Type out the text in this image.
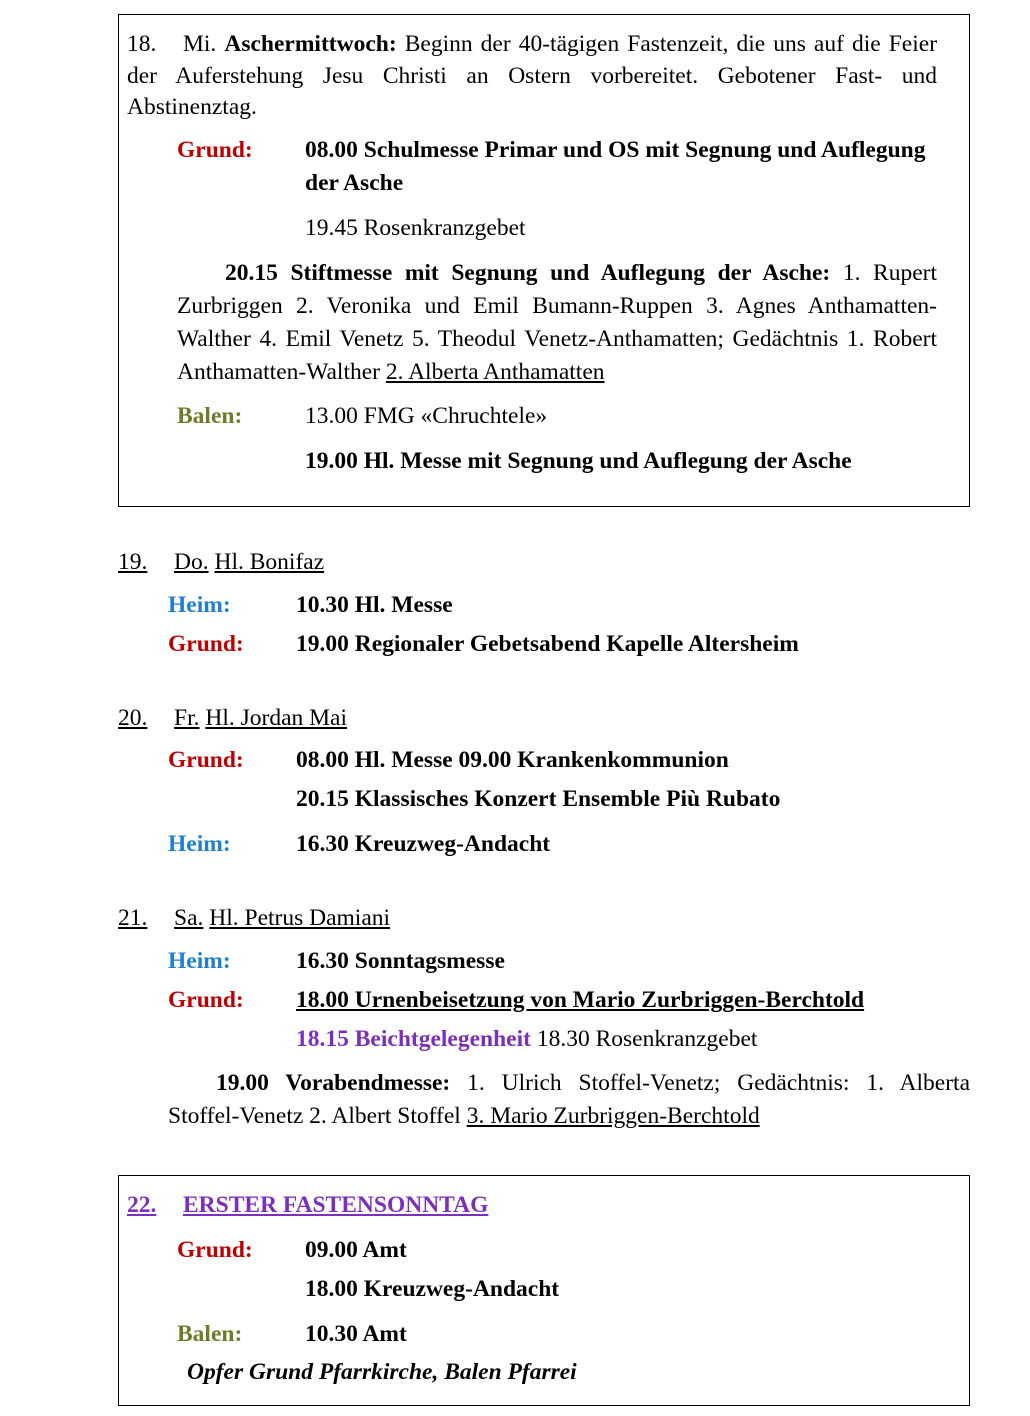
18. Mi. Aschermittwoch: Beginn der 40-tägigen Fastenzeit, die uns auf die Feier der Auferstehung Jesu Christi an Ostern vorbereitet. Gebotener Fast- und Abstinenztag.

Grund: 08.00 Schulmesse Primar und OS mit Segnung und Auflegung der Asche
19.45 Rosenkranzgebet

20.15 Stiftmesse mit Segnung und Auflegung der Asche: 1. Rupert Zurbriggen 2. Veronika und Emil Bumann-Ruppen 3. Agnes Anthamatten-Walther 4. Emil Venetz 5. Theodul Venetz-Anthamatten; Gedächtnis 1. Robert Anthamatten-Walther 2. Alberta Anthamatten

Balen:	13.00 FMG «Chruchtele»
19.00 Hl. Messe mit Segnung und Auflegung der Asche

19. Do. Hl. Bonifaz

Heim:	10.30 Hl. Messe
Grund: 19.00 Regionaler Gebetsabend Kapelle Altersheim

20. Fr. Hl. Jordan Mai

Grund: 08.00 Hl. Messe 09.00 Krankenkommunion
20.15 Klassisches Konzert Ensemble Più Rubato
Heim:	16.30 Kreuzweg-Andacht

21. Sa. Hl. Petrus Damiani

Heim:	16.30 Sonntagsmesse
Grund: 18.00 Urnenbeisetzung von Mario Zurbriggen-Berchtold
18.15 Beichtgelegenheit 18.30 Rosenkranzgebet

19.00 Vorabendmesse: 1. Ulrich Stoffel-Venetz; Gedächtnis: 1. Alberta Stoffel-Venetz 2. Albert Stoffel 3. Mario Zurbriggen-Berchtold

22. ERSTER FASTENSONNTAG

Grund: 09.00 Amt
18.00 Kreuzweg-Andacht
Balen:	10.30 Amt

Opfer Grund Pfarrkirche, Balen Pfarrei
